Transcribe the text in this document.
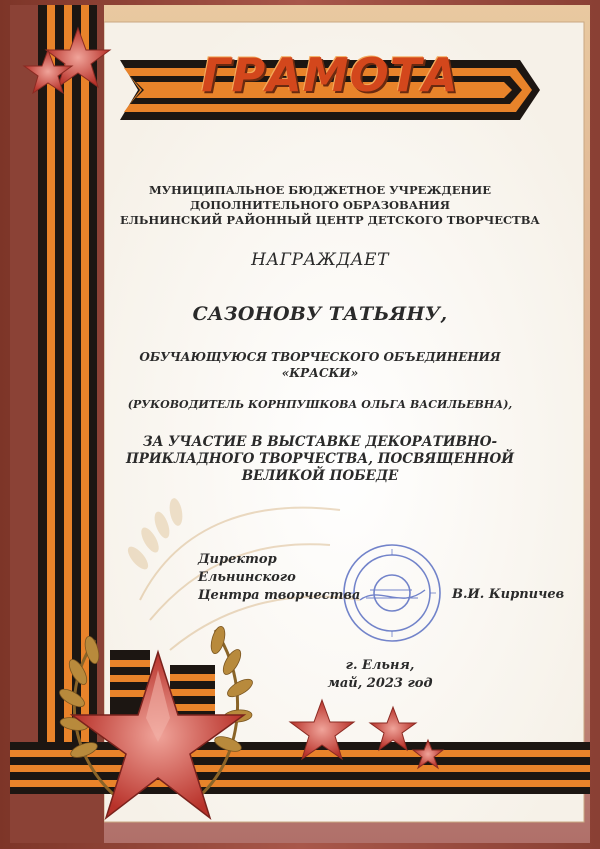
ГРАМОТА
МУНИЦИПАЛЬНОЕ БЮДЖЕТНОЕ УЧРЕЖДЕНИЕ
ДОПОЛНИТЕЛЬНОГО ОБРАЗОВАНИЯ
ЕЛЬНИНСКИЙ РАЙОННЫЙ ЦЕНТР ДЕТСКОГО ТВОРЧЕСТВА
НАГРАЖДАЕТ
САЗОНОВУ ТАТЬЯНУ,
ОБУЧАЮЩУЮСЯ ТВОРЧЕСКОГО ОБЪЕДИНЕНИЯ
«КРАСКИ»
(РУКОВОДИТЕЛЬ КОРНПУШКОВА ОЛЬГА ВАСИЛЬЕВНА),
ЗА УЧАСТИЕ В ВЫСТАВКЕ ДЕКОРАТИВНО-
ПРИКЛАДНОГО ТВОРЧЕСТВА, ПОСВЯЩЕННОЙ
ВЕЛИКОЙ ПОБЕДЕ
Директор
Ельнинского
Центра творчества	В.И. Кирпичев
г. Ельня,
май, 2023 год
